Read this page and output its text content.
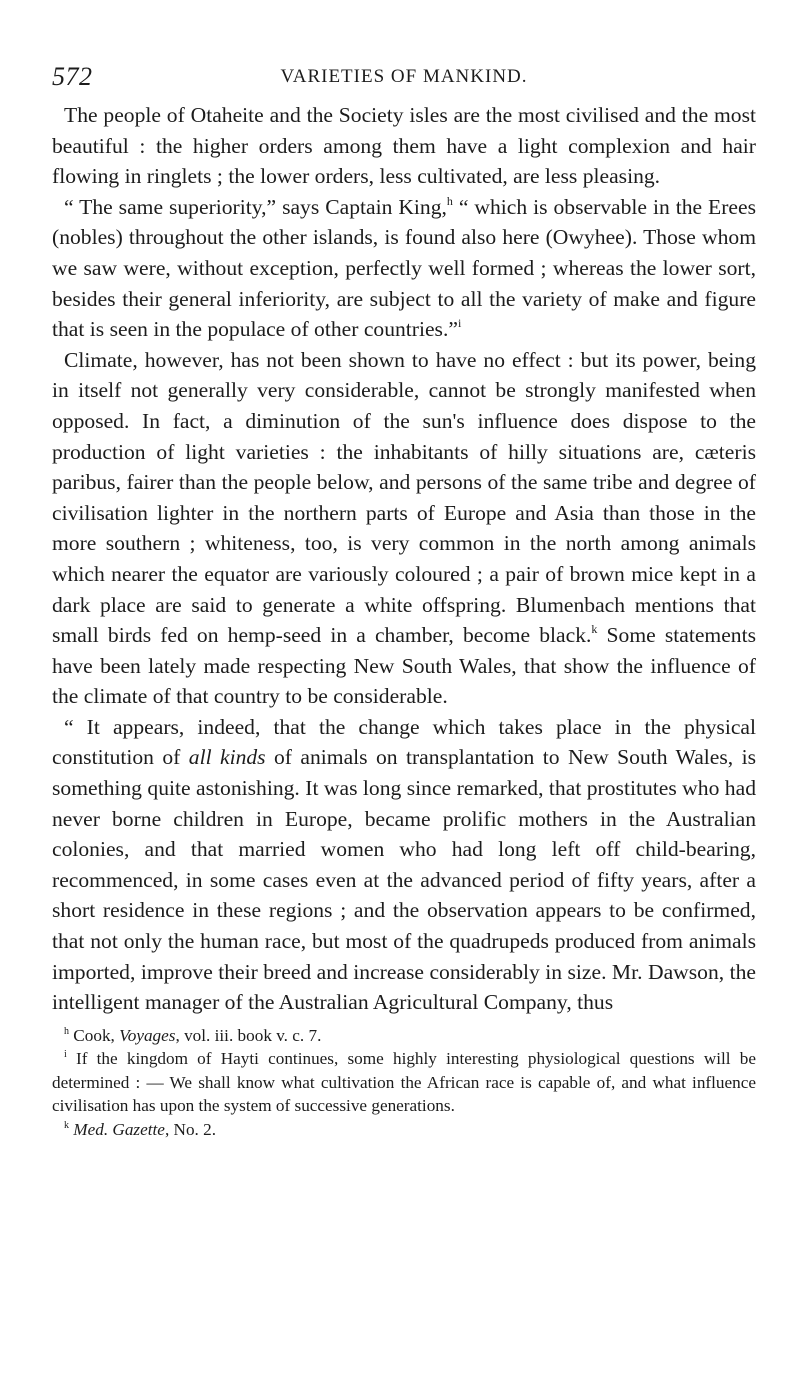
572	VARIETIES OF MANKIND.

The people of Otaheite and the Society isles are the most civilised and the most beautiful : the higher orders among them have a light complexion and hair flowing in ringlets ; the lower orders, less cultivated, are less pleasing.

“ The same superiority,” says Captain King,$^h$ “ which is observable in the Erees (nobles) throughout the other islands, is found also here (Owyhee). Those whom we saw were, without exception, perfectly well formed ; whereas the lower sort, besides their general inferiority, are subject to all the variety of make and figure that is seen in the populace of other countries.”$^i$

Climate, however, has not been shown to have no effect : but its power, being in itself not generally very considerable, cannot be strongly manifested when opposed. In fact, a diminution of the sun's influence does dispose to the production of light varieties : the inhabitants of hilly situations are, cæteris paribus, fairer than the people below, and persons of the same tribe and degree of civilisation lighter in the northern parts of Europe and Asia than those in the more southern ; whiteness, too, is very common in the north among animals which nearer the equator are variously coloured ; a pair of brown mice kept in a dark place are said to generate a white offspring. Blumenbach mentions that small birds fed on hemp-seed in a chamber, become black.$^k$ Some statements have been lately made respecting New South Wales, that show the influence of the climate of that country to be considerable.

“ It appears, indeed, that the change which takes place in the physical constitution of all kinds of animals on transplantation to New South Wales, is something quite astonishing. It was long since remarked, that prostitutes who had never borne children in Europe, became prolific mothers in the Australian colonies, and that married women who had long left off child-bearing, recommenced, in some cases even at the advanced period of fifty years, after a short residence in these regions ; and the observation appears to be confirmed, that not only the human race, but most of the quadrupeds produced from animals imported, improve their breed and increase considerably in size. Mr. Dawson, the intelligent manager of the Australian Agricultural Company, thus

$^h$ Cook, Voyages, vol. iii. book v. c. 7.

$^i$ If the kingdom of Hayti continues, some highly interesting physiological questions will be determined : — We shall know what cultivation the African race is capable of, and what influence civilisation has upon the system of successive generations.

$^k$ Med. Gazette, No. 2.
